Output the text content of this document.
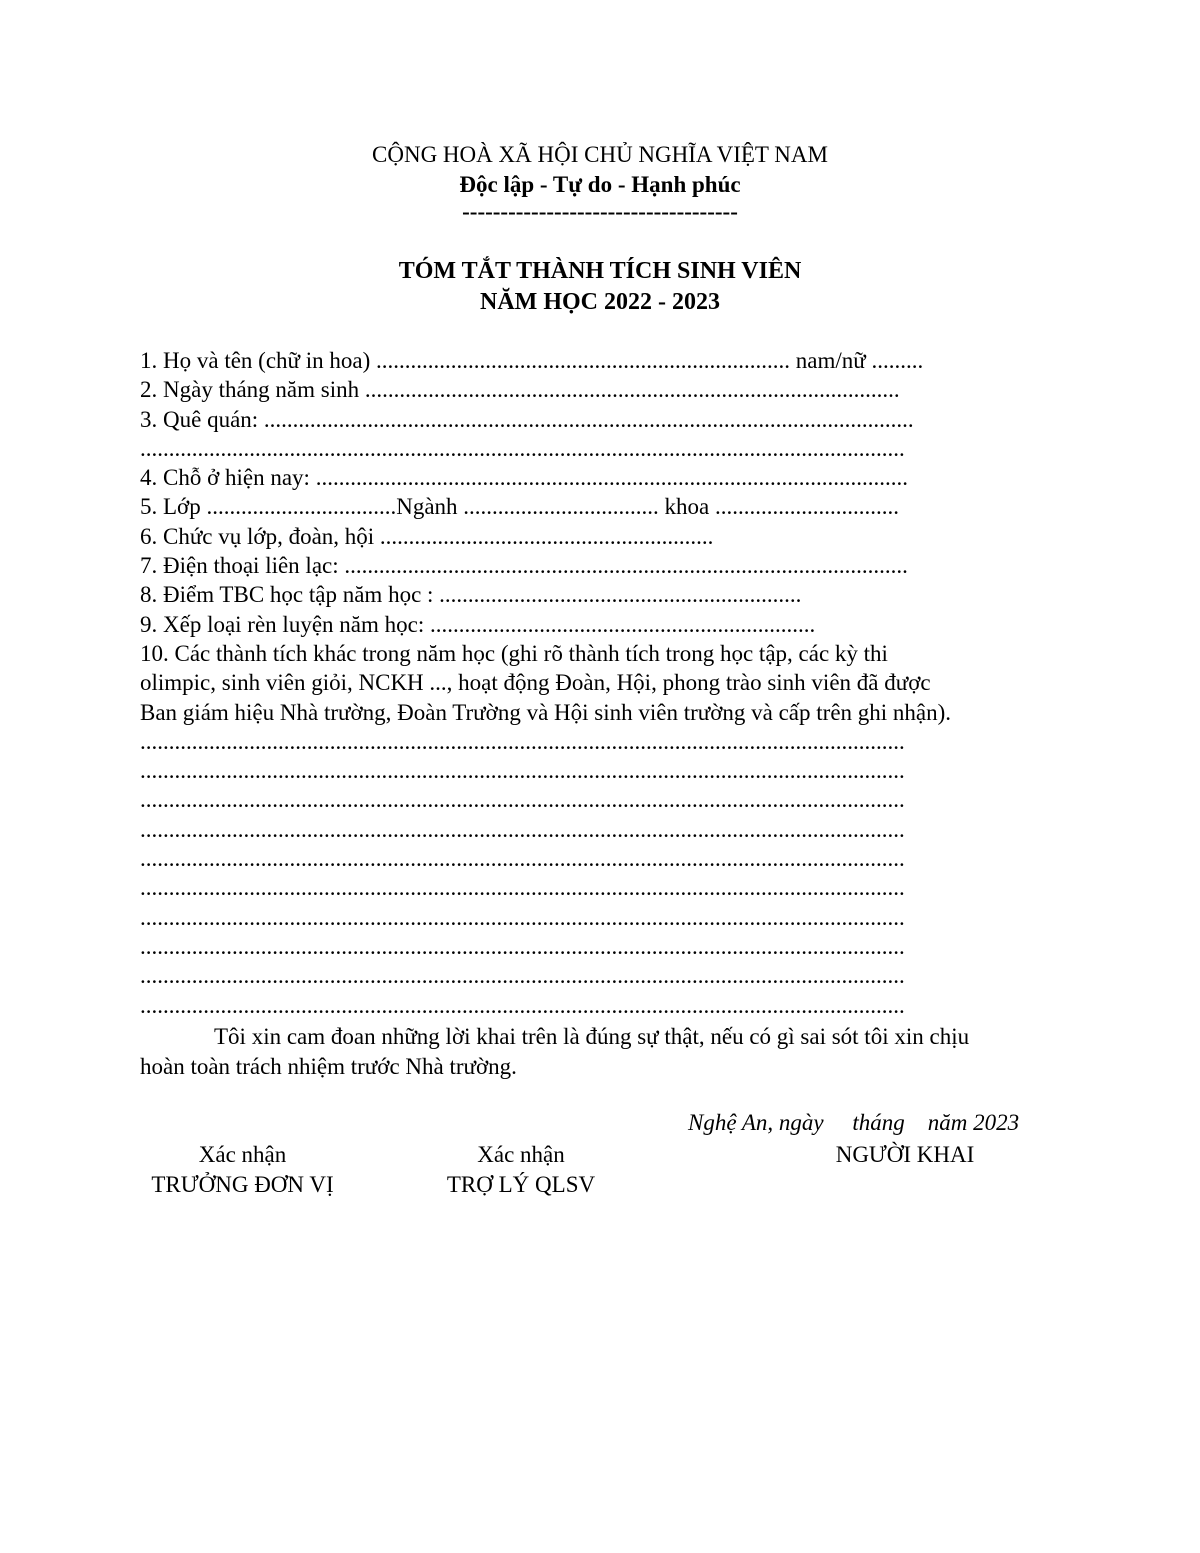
CỘNG HOÀ XÃ HỘI CHỦ NGHĨA VIỆT NAM
Độc lập - Tự do - Hạnh phúc
------------------------------------
TÓM TẮT THÀNH TÍCH SINH VIÊN
NĂM HỌC 2022 - 2023
1. Họ và tên (chữ in hoa) ........................................................................ nam/nữ .........
2. Ngày tháng năm sinh .............................................................................................
3. Quê quán: .................................................................................................................
.....................................................................................................................................
4. Chỗ ở hiện nay: .......................................................................................................
5. Lớp .................................Ngành .................................. khoa ................................
6. Chức vụ lớp, đoàn, hội ..........................................................
7. Điện thoại liên lạc: ..................................................................................................
8. Điểm TBC học tập năm học : ...............................................................
9. Xếp loại rèn luyện năm học: ...................................................................
10. Các thành tích khác trong năm học (ghi rõ thành tích trong học tập, các kỳ thi
olimpic, sinh viên giỏi, NCKH ..., hoạt động Đoàn, Hội, phong trào sinh viên đã được
Ban giám hiệu Nhà trường, Đoàn Trường và Hội sinh viên trường và cấp trên ghi nhận).
.....................................................................................................................................
.....................................................................................................................................
.....................................................................................................................................
.....................................................................................................................................
.....................................................................................................................................
.....................................................................................................................................
.....................................................................................................................................
.....................................................................................................................................
.....................................................................................................................................
.....................................................................................................................................
Tôi xin cam đoan những lời khai trên là đúng sự thật, nếu có gì sai sót tôi xin chịu
hoàn toàn trách nhiệm trước Nhà trường.
Nghệ An, ngày     tháng    năm 2023
Xác nhận
TRƯỞNG ĐƠN VỊ
Xác nhận
TRỢ LÝ QLSV
NGƯỜI KHAI
